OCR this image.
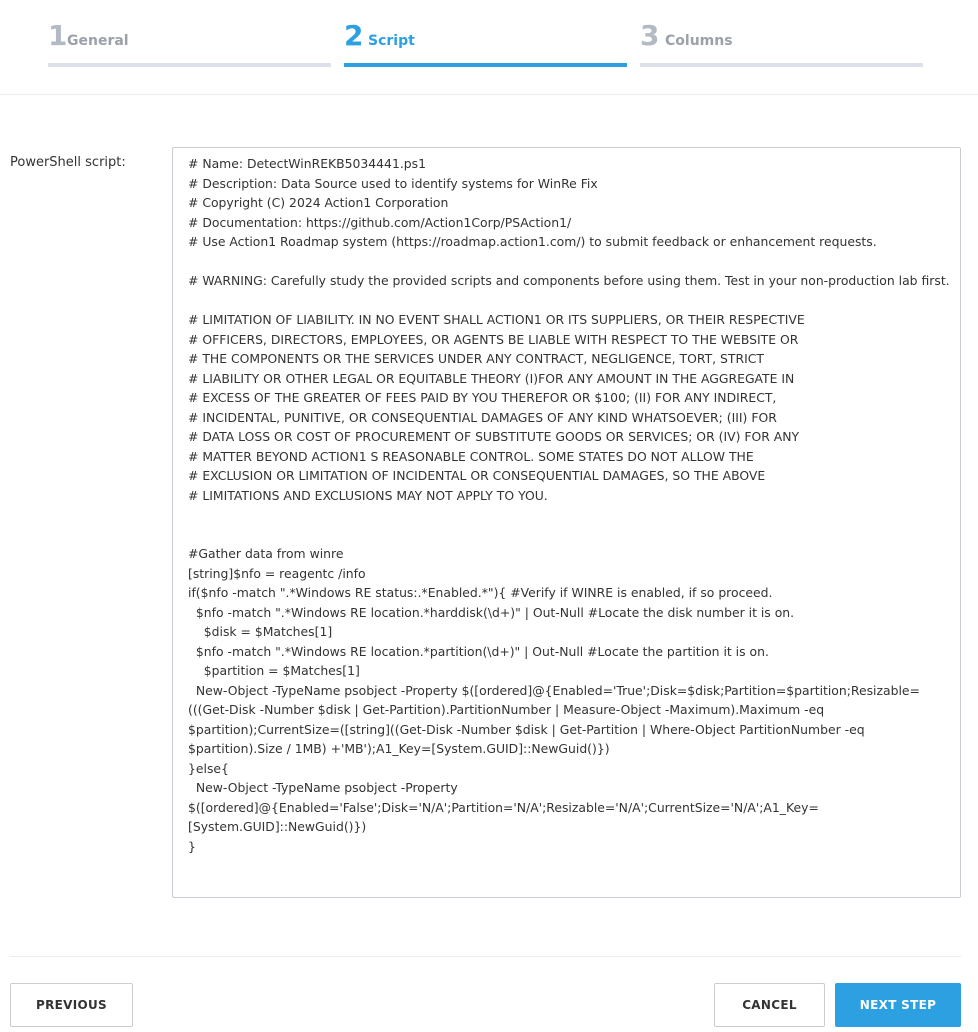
1 General	2 Script	3 Columns
PowerShell script:	# Name: DetectWinREKB5034441.ps1
# Description: Data Source used to identify systems for WinRe Fix
# Copyright (C) 2024 Action1 Corporation
# Documentation: https://github.com/Action1Corp/PSAction1/
# Use Action1 Roadmap system (https://roadmap.action1.com/) to submit feedback or enhancement requests.

# WARNING: Carefully study the provided scripts and components before using them. Test in your non-production lab first.

# LIMITATION OF LIABILITY. IN NO EVENT SHALL ACTION1 OR ITS SUPPLIERS, OR THEIR RESPECTIVE
# OFFICERS, DIRECTORS, EMPLOYEES, OR AGENTS BE LIABLE WITH RESPECT TO THE WEBSITE OR
# THE COMPONENTS OR THE SERVICES UNDER ANY CONTRACT, NEGLIGENCE, TORT, STRICT
# LIABILITY OR OTHER LEGAL OR EQUITABLE THEORY (I)FOR ANY AMOUNT IN THE AGGREGATE IN
# EXCESS OF THE GREATER OF FEES PAID BY YOU THEREFOR OR $100; (II) FOR ANY INDIRECT,
# INCIDENTAL, PUNITIVE, OR CONSEQUENTIAL DAMAGES OF ANY KIND WHATSOEVER; (III) FOR
# DATA LOSS OR COST OF PROCUREMENT OF SUBSTITUTE GOODS OR SERVICES; OR (IV) FOR ANY
# MATTER BEYOND ACTION1 S REASONABLE CONTROL. SOME STATES DO NOT ALLOW THE
# EXCLUSION OR LIMITATION OF INCIDENTAL OR CONSEQUENTIAL DAMAGES, SO THE ABOVE
# LIMITATIONS AND EXCLUSIONS MAY NOT APPLY TO YOU.

#Gather data from winre
[string]$nfo = reagentc /info
if($nfo -match ".*Windows RE status:.*Enabled.*"){ #Verify if WINRE is enabled, if so proceed.
$nfo -match ".*Windows RE location.*harddisk(\d+)" | Out-Null #Locate the disk number it is on.
$disk = $Matches[1]
$nfo -match ".*Windows RE location.*partition(\d+)" | Out-Null #Locate the partition it is on.
$partition = $Matches[1]
New-Object -TypeName psobject -Property $([ordered]@{Enabled='True';Disk=$disk;Partition=$partition;Resizable=(((Get-Disk -Number $disk | Get-Partition).PartitionNumber | Measure-Object -Maximum).Maximum -eq $partition);CurrentSize=([string]((Get-Disk -Number $disk | Get-Partition | Where-Object PartitionNumber -eq $partition).Size / 1MB) +'MB');A1_Key=[System.GUID]::NewGuid()})
}else{
New-Object -TypeName psobject -Property $([ordered]@{Enabled='False';Disk='N/A';Partition='N/A';Resizable='N/A';CurrentSize='N/A';A1_Key=[System.GUID]::NewGuid()})
}
PREVIOUS	CANCEL	NEXT STEP
